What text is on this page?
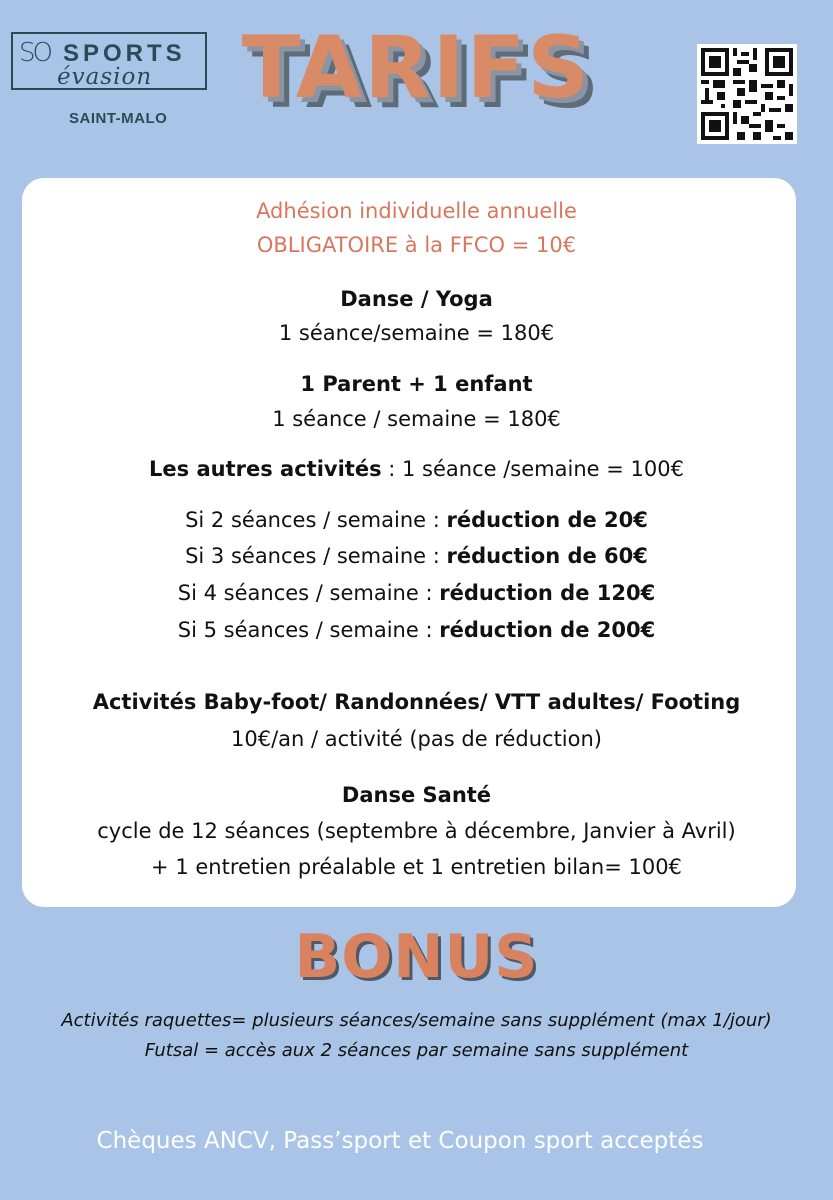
SO SPORTS
évasion
SAINT-MALO
TARIFS
Adhésion individuelle annuelle
OBLIGATOIRE à la FFCO = 10€
Danse / Yoga
1 séance/semaine = 180€
1 Parent + 1 enfant
1 séance / semaine = 180€
Les autres activités : 1 séance /semaine = 100€
Si 2 séances / semaine : réduction de 20€
Si 3 séances / semaine : réduction de 60€
Si 4 séances / semaine : réduction de 120€
Si 5 séances / semaine : réduction de 200€
Activités Baby-foot/ Randonnées/ VTT adultes/ Footing
10€/an / activité (pas de réduction)
Danse Santé
cycle de 12 séances (septembre à décembre, Janvier à Avril)
+ 1 entretien préalable et 1 entretien bilan= 100€
BONUS
Activités raquettes= plusieurs séances/semaine sans supplément (max 1/jour)
Futsal = accès aux 2 séances par semaine sans supplément
Chèques ANCV, Pass’sport et Coupon sport acceptés
